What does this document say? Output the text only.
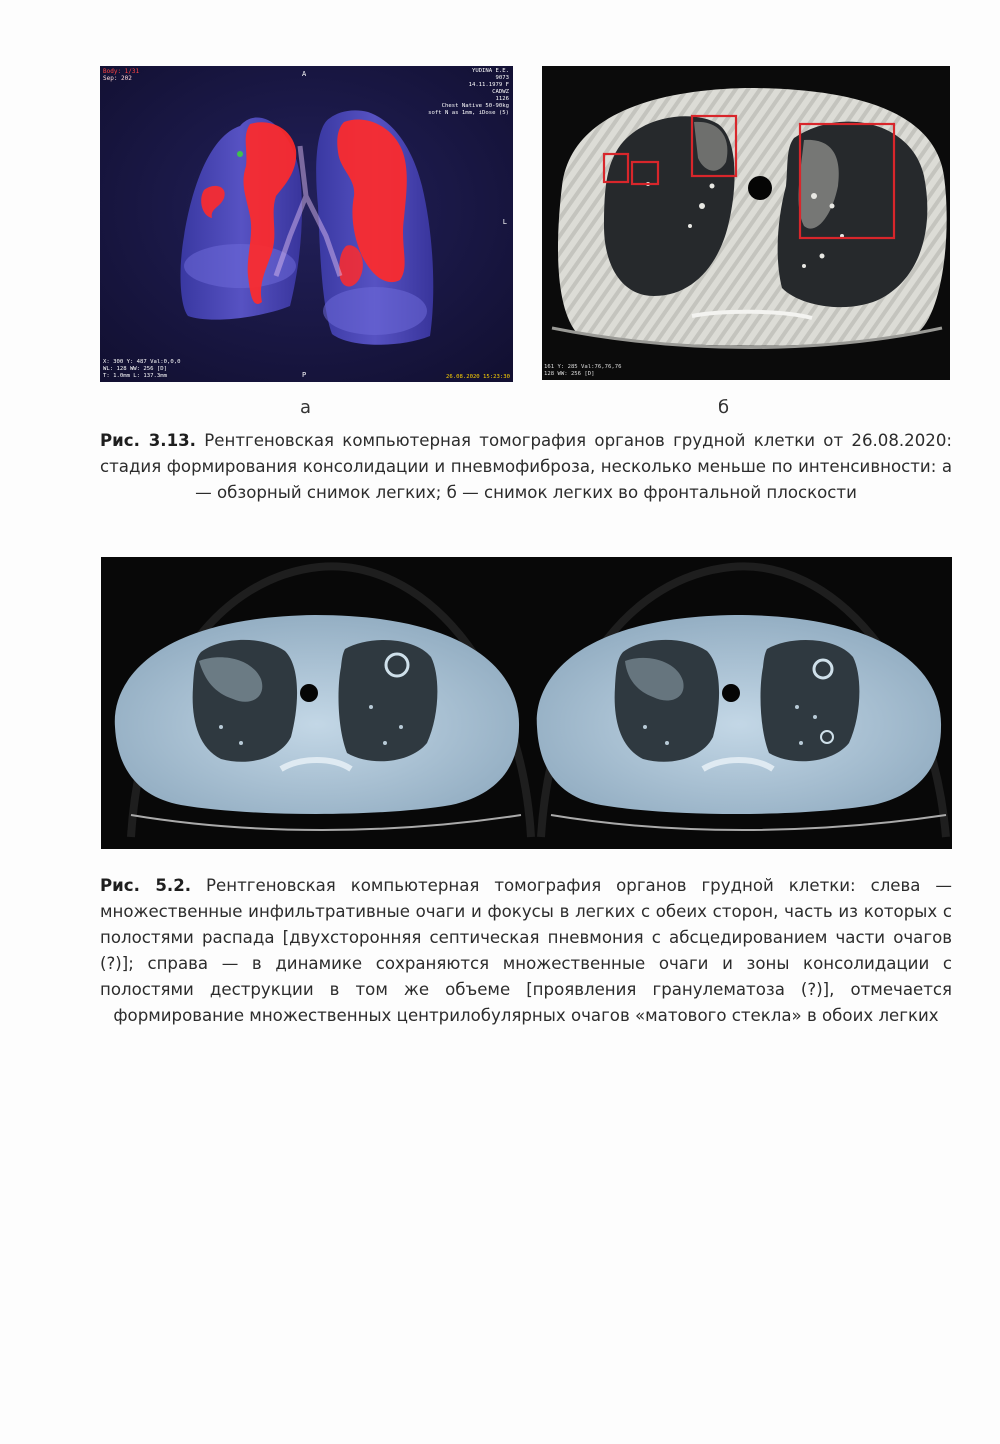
Body: 1/31
Sep: 202
A	YUDINA E.E.
9073
14.11.1979 F
CADWZ
1126
Chest Native 50-90kg
soft N as 1mm, iDose (5)
L
X: 300 Y: 487 Val:0,0,0
WL: 128 WW: 256 [D]
T: 1.0mm L: 137.3mm	P	26.08.2020 15:23:30
а
161 Y: 285 Val:76,76,76
128 WW: 256 [D]
б

Рис. 3.13. Рентгеновская компьютерная томография органов грудной клетки от 26.08.2020: стадия формирования консолидации и пневмофиброза, несколько меньше по интенсивности: а — обзорный снимок легких; б — снимок легких во фронтальной плоскости

Рис. 5.2. Рентгеновская компьютерная томография органов грудной клетки: слева — множественные инфильтративные очаги и фокусы в легких с обеих сторон, часть из которых с полостями распада [двухсторонняя септическая пневмония с абсцедированием части очагов (?)]; справа — в динамике сохраняются множественные очаги и зоны консолидации с полостями деструкции в том же объеме [проявления гранулематоза (?)], отмечается формирование множественных центрилобулярных очагов «матового стекла» в обоих легких
